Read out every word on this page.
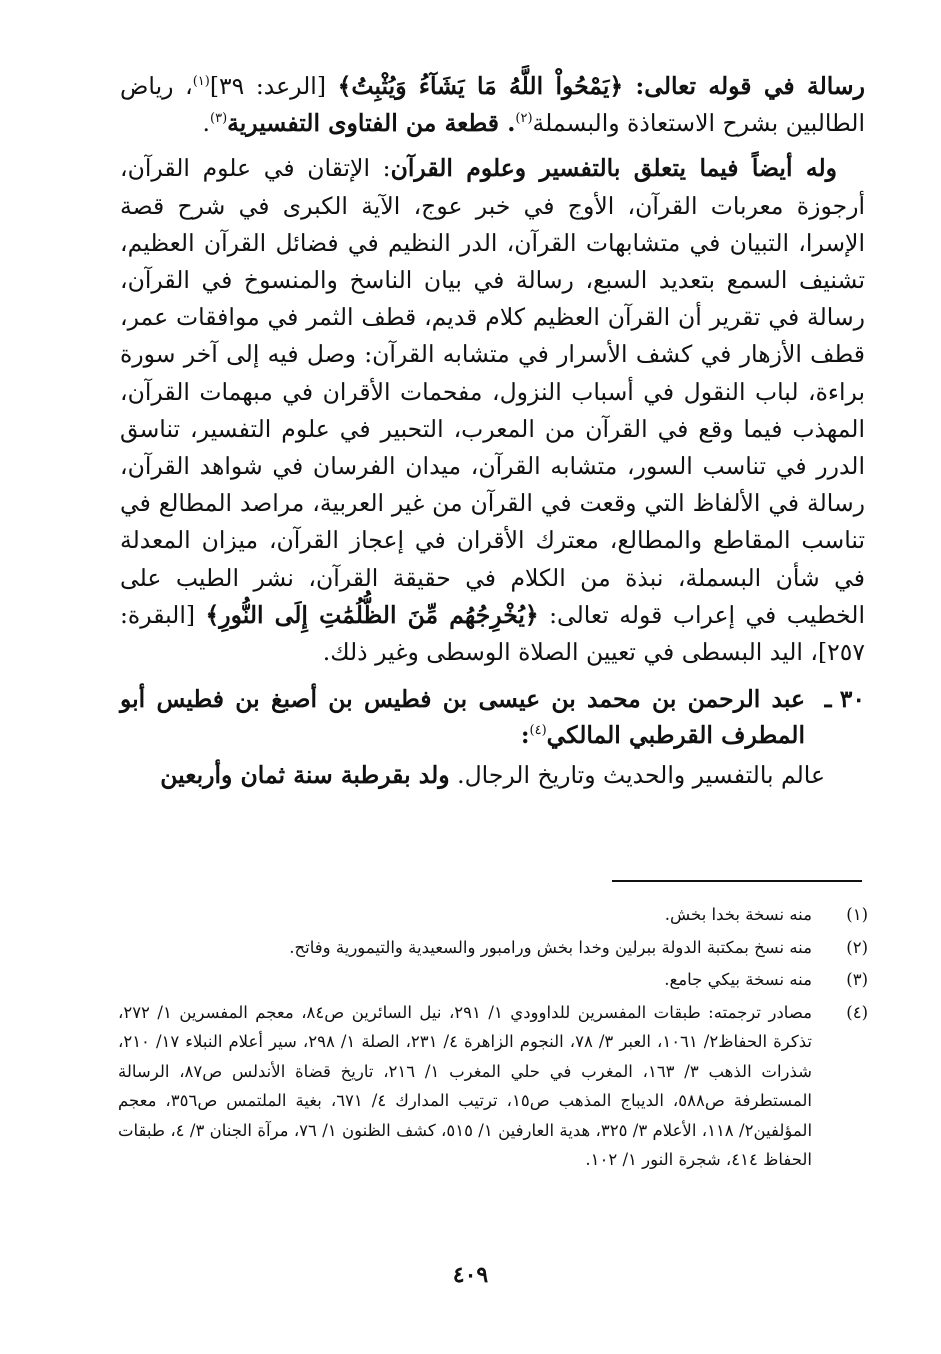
رسالة في قوله تعالى: ﴿يَمْحُواْ اللَّهُ مَا يَشَآءُ وَيُثْبِتُ﴾ [الرعد: ٣٩]$^{(١)}$، رياض الطالبين بشرح الاستعاذة والبسملة$^{(٢)}$. قطعة من الفتاوى التفسيرية$^{(٣)}$.

وله أيضاً فيما يتعلق بالتفسير وعلوم القرآن: الإتقان في علوم القرآن، أرجوزة معربات القرآن، الأوج في خبر عوج، الآية الكبرى في شرح قصة الإسرا، التبيان في متشابهات القرآن، الدر النظيم في فضائل القرآن العظيم، تشنيف السمع بتعديد السبع، رسالة في بيان الناسخ والمنسوخ في القرآن، رسالة في تقرير أن القرآن العظيم كلام قديم، قطف الثمر في موافقات عمر، قطف الأزهار في كشف الأسرار في متشابه القرآن: وصل فيه إلى آخر سورة براءة، لباب النقول في أسباب النزول، مفحمات الأقران في مبهمات القرآن، المهذب فيما وقع في القرآن من المعرب، التحبير في علوم التفسير، تناسق الدرر في تناسب السور، متشابه القرآن، ميدان الفرسان في شواهد القرآن، رسالة في الألفاظ التي وقعت في القرآن من غير العربية، مراصد المطالع في تناسب المقاطع والمطالع، معترك الأقران في إعجاز القرآن، ميزان المعدلة في شأن البسملة، نبذة من الكلام في حقيقة القرآن، نشر الطيب على الخطيب في إعراب قوله تعالى: ﴿يُخْرِجُهُم مِّنَ الظُّلُمَٰتِ إِلَى النُّورِ﴾ [البقرة: ٢٥٧]، اليد البسطى في تعيين الصلاة الوسطى وغير ذلك.

٣٠ ـ
عبد الرحمن بن محمد بن عيسى بن فطيس بن أصبغ بن فطيس أبو المطرف القرطبي المالكي$^{(٤)}$:

عالم بالتفسير والحديث وتاريخ الرجال. ولد بقرطبة سنة ثمان وأربعين

(١)
منه نسخة بخدا بخش.

(٢)
منه نسخ بمكتبة الدولة ببرلين وخدا بخش ورامبور والسعيدية والتيمورية وفاتح.

(٣)
منه نسخة بيكي جامع.

(٤)
مصادر ترجمته: طبقات المفسرين للداوودي ١/ ٢٩١، نيل السائرين ص٨٤، معجم المفسرين ١/ ٢٧٢، تذكرة الحفاظ٢/ ١٠٦١، العبر ٣/ ٧٨، النجوم الزاهرة ٤/ ٢٣١، الصلة ١/ ٢٩٨، سير أعلام النبلاء ١٧/ ٢١٠، شذرات الذهب ٣/ ١٦٣، المغرب في حلي المغرب ١/ ٢١٦، تاريخ قضاة الأندلس ص٨٧، الرسالة المستطرفة ص٥٨٨، الديباج المذهب ص١٥، ترتيب المدارك ٤/ ٦٧١، بغية الملتمس ص٣٥٦، معجم المؤلفين٢/ ١١٨، الأعلام ٣/ ٣٢٥، هدية العارفين ١/ ٥١٥، كشف الظنون ١/ ٧٦، مرآة الجنان ٣/ ٤، طبقات الحفاظ ٤١٤، شجرة النور ١/ ١٠٢.

٤٠٩
